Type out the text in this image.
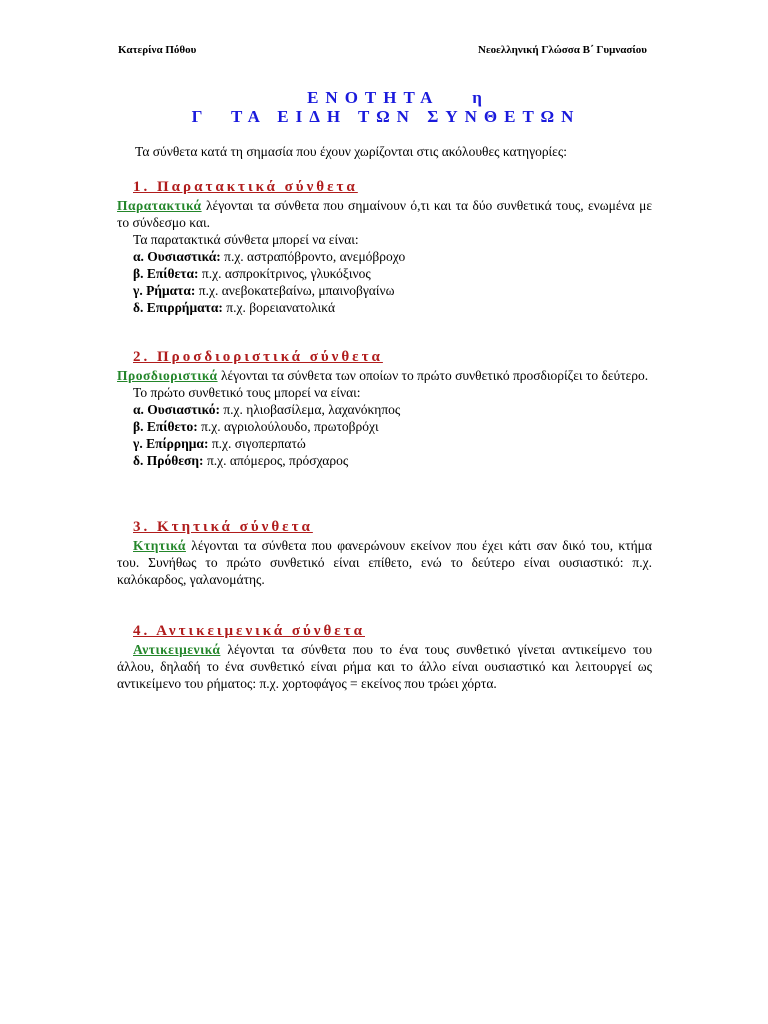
Κατερίνα Πόθου	Νεοελληνική Γλώσσα Β΄ Γυμνασίου
ΕΝΟΤΗΤΑ   η
Γ  ΤΑ ΕΙΔΗ ΤΩΝ ΣΥΝΘΕΤΩΝ
Τα σύνθετα κατά τη σημασία που έχουν χωρίζονται στις ακόλουθες κατηγορίες:

1. Παρατακτικά σύνθετα

Παρατακτικά λέγονται τα σύνθετα που σημαίνουν ό,τι και τα δύο συνθετικά τους, ενωμένα με το σύνδεσμο και.

Τα παρατακτικά σύνθετα μπορεί να είναι:

α. Ουσιαστικά: π.χ. αστραπόβροντο, ανεμόβροχο

β. Επίθετα: π.χ. ασπροκίτρινος, γλυκόξινος

γ. Ρήματα: π.χ. ανεβοκατεβαίνω, μπαινοβγαίνω

δ. Επιρρήματα: π.χ. βορειανατολικά

2. Προσδιοριστικά σύνθετα

Προσδιοριστικά λέγονται τα σύνθετα των οποίων το πρώτο συνθετικό προσδιορίζει το δεύτερο.

Το πρώτο συνθετικό τους μπορεί να είναι:

α. Ουσιαστικό: π.χ. ηλιοβασίλεμα, λαχανόκηπος

β. Επίθετο: π.χ. αγριολούλουδο, πρωτοβρόχι

γ. Επίρρημα: π.χ. σιγοπερπατώ

δ. Πρόθεση: π.χ. απόμερος, πρόσχαρος

3. Κτητικά σύνθετα

Κτητικά λέγονται τα σύνθετα που φανερώνουν εκείνον που έχει κάτι σαν δικό του, κτήμα του. Συνήθως το πρώτο συνθετικό είναι επίθετο, ενώ το δεύτερο είναι ουσιαστικό: π.χ. καλόκαρδος, γαλανομάτης.

4. Αντικειμενικά σύνθετα

Αντικειμενικά λέγονται τα σύνθετα που το ένα τους συνθετικό γίνεται αντικείμενο του άλλου, δηλαδή το ένα συνθετικό είναι ρήμα και το άλλο είναι ουσιαστικό και λειτουργεί ως αντικείμενο του ρήματος: π.χ. χορτοφάγος = εκείνος που τρώει χόρτα.
